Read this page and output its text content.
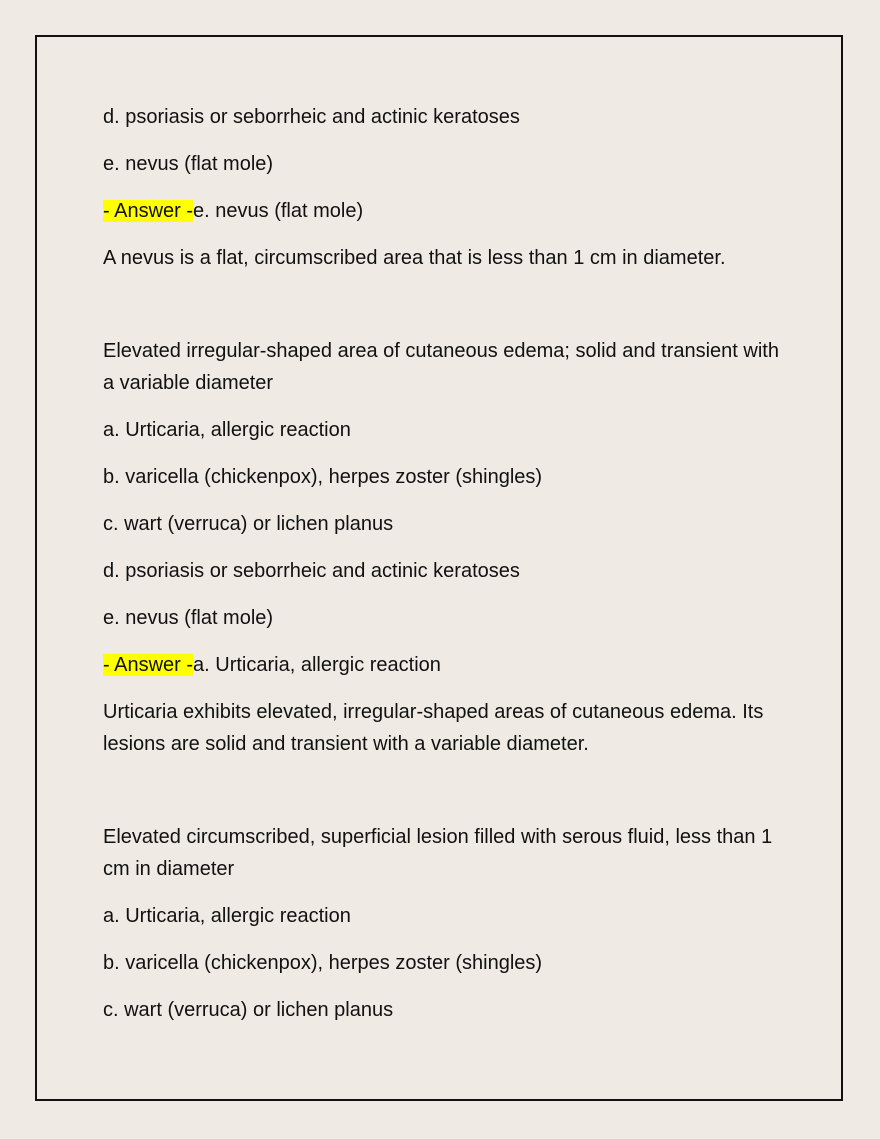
d. psoriasis or seborrheic and actinic keratoses

e. nevus (flat mole)

- Answer -e. nevus (flat mole)

A nevus is a flat, circumscribed area that is less than 1 cm in diameter.

Elevated irregular-shaped area of cutaneous edema; solid and transient with a variable diameter

a. Urticaria, allergic reaction

b. varicella (chickenpox), herpes zoster (shingles)

c. wart (verruca) or lichen planus

d. psoriasis or seborrheic and actinic keratoses

e. nevus (flat mole)

- Answer -a. Urticaria, allergic reaction

Urticaria exhibits elevated, irregular-shaped areas of cutaneous edema. Its lesions are solid and transient with a variable diameter.

Elevated circumscribed, superficial lesion filled with serous fluid, less than 1 cm in diameter

a. Urticaria, allergic reaction

b. varicella (chickenpox), herpes zoster (shingles)

c. wart (verruca) or lichen planus
